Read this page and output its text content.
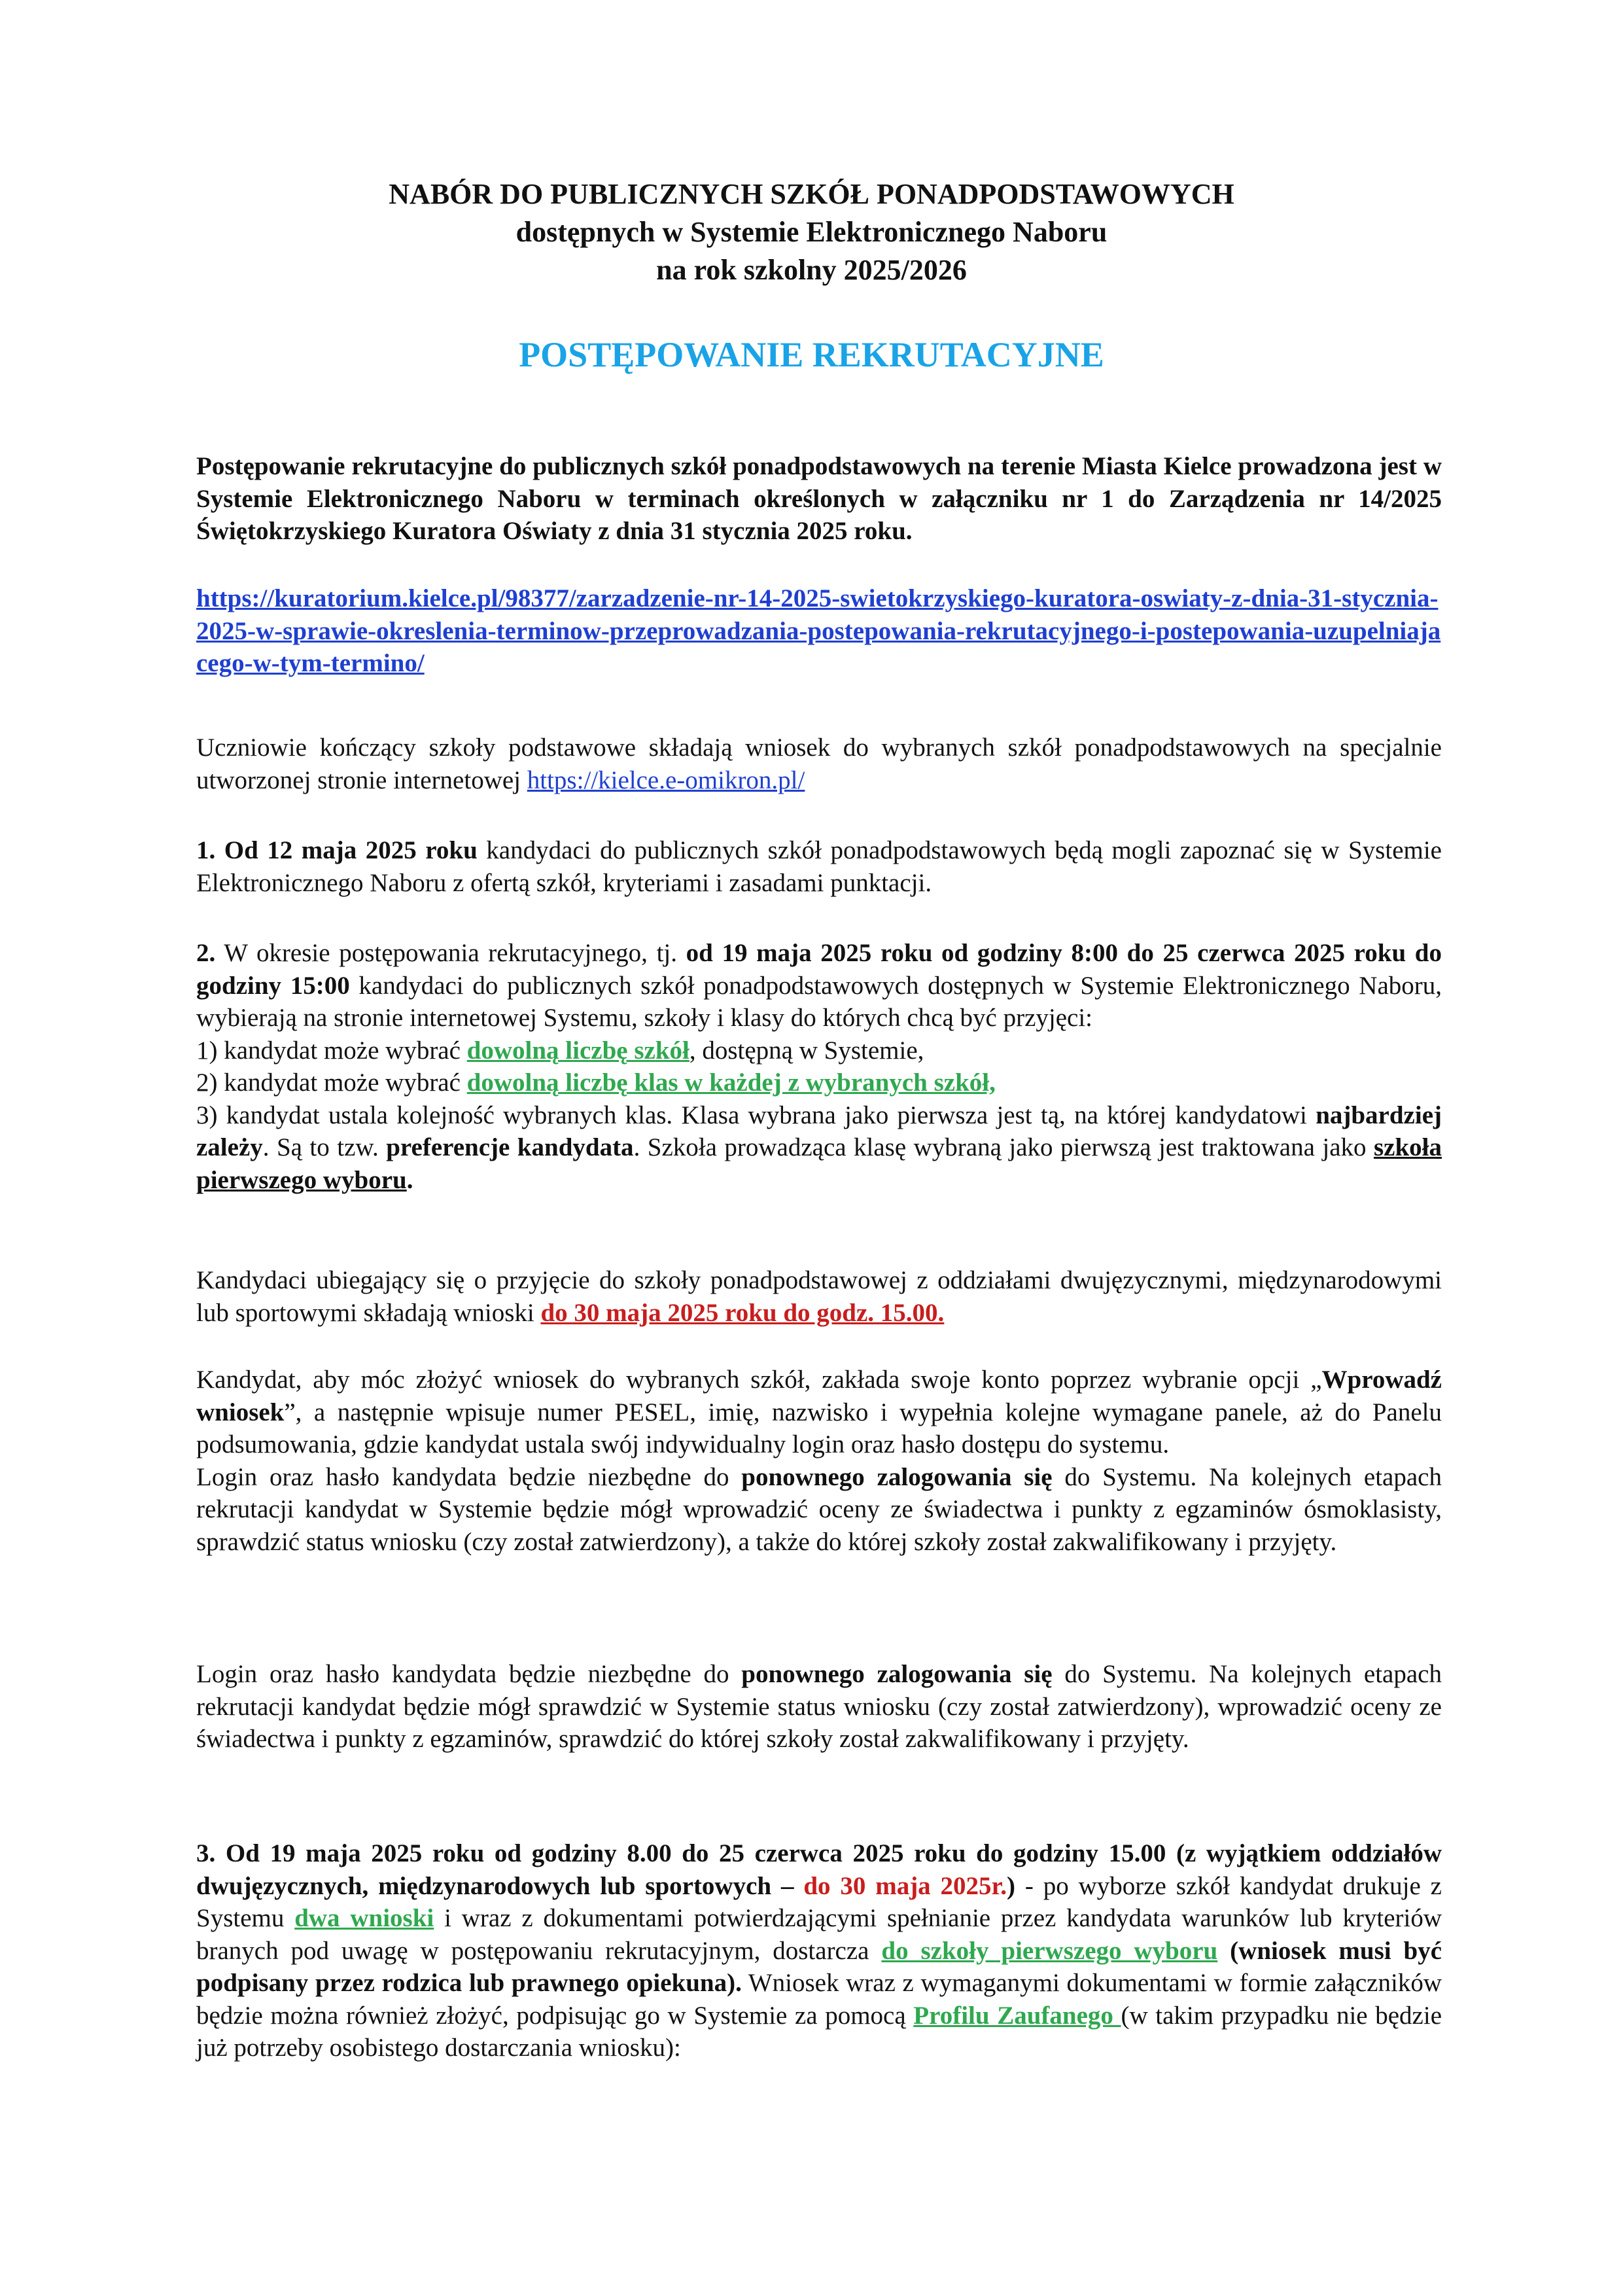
NABÓR DO PUBLICZNYCH SZKÓŁ PONADPODSTAWOWYCH
dostępnych w Systemie Elektronicznego Naboru
na rok szkolny 2025/2026
POSTĘPOWANIE REKRUTACYJNE

Postępowanie rekrutacyjne do publicznych szkół ponadpodstawowych na terenie Miasta Kielce prowadzona jest w Systemie Elektronicznego Naboru w terminach określonych w załączniku nr 1 do Zarządzenia nr 14/2025 Świętokrzyskiego Kuratora Oświaty z dnia 31 stycznia 2025 roku.

https://kuratorium.kielce.pl/98377/zarzadzenie-nr-14-2025-swietokrzyskiego-kuratora-oswiaty-z-dnia-31-stycznia-2025-w-sprawie-okreslenia-terminow-przeprowadzania-postepowania-rekrutacyjnego-i-postepowania-uzupelniajacego-w-tym-termino/

Uczniowie kończący szkoły podstawowe składają wniosek do wybranych szkół ponadpodstawowych na specjalnie utworzonej stronie internetowej https://kielce.e-omikron.pl/

1. Od 12 maja 2025 roku kandydaci do publicznych szkół ponadpodstawowych będą mogli zapoznać się w Systemie Elektronicznego Naboru z ofertą szkół, kryteriami i zasadami punktacji.

2. W okresie postępowania rekrutacyjnego, tj. od 19 maja 2025 roku od godziny 8:00 do 25 czerwca 2025 roku do godziny 15:00 kandydaci do publicznych szkół ponadpodstawowych dostępnych w Systemie Elektronicznego Naboru, wybierają na stronie internetowej Systemu, szkoły i klasy do których chcą być przyjęci:

1) kandydat może wybrać dowolną liczbę szkół, dostępną w Systemie,

2) kandydat może wybrać dowolną liczbę klas w każdej z wybranych szkół,

3) kandydat ustala kolejność wybranych klas. Klasa wybrana jako pierwsza jest tą, na której kandydatowi najbardziej zależy. Są to tzw. preferencje kandydata. Szkoła prowadząca klasę wybraną jako pierwszą jest traktowana jako szkoła pierwszego wyboru.

Kandydaci ubiegający się o przyjęcie do szkoły ponadpodstawowej z oddziałami dwujęzycznymi, międzynarodowymi lub sportowymi składają wnioski do 30 maja 2025 roku do godz. 15.00.

Kandydat, aby móc złożyć wniosek do wybranych szkół, zakłada swoje konto poprzez wybranie opcji „Wprowadź wniosek”, a następnie wpisuje numer PESEL, imię, nazwisko i wypełnia kolejne wymagane panele, aż do Panelu podsumowania, gdzie kandydat ustala swój indywidualny login oraz hasło dostępu do systemu.

Login oraz hasło kandydata będzie niezbędne do ponownego zalogowania się do Systemu. Na kolejnych etapach rekrutacji kandydat w Systemie będzie mógł wprowadzić oceny ze świadectwa i punkty z egzaminów ósmoklasisty, sprawdzić status wniosku (czy został zatwierdzony), a także do której szkoły został zakwalifikowany i przyjęty.

Login oraz hasło kandydata będzie niezbędne do ponownego zalogowania się do Systemu. Na kolejnych etapach rekrutacji kandydat będzie mógł sprawdzić w Systemie status wniosku (czy został zatwierdzony), wprowadzić oceny ze świadectwa i punkty z egzaminów, sprawdzić do której szkoły został zakwalifikowany i przyjęty.

3. Od 19 maja 2025 roku od godziny 8.00 do 25 czerwca 2025 roku do godziny 15.00 (z wyjątkiem oddziałów dwujęzycznych, międzynarodowych lub sportowych – do 30 maja 2025r.) - po wyborze szkół kandydat drukuje z Systemu dwa wnioski i wraz z dokumentami potwierdzającymi spełnianie przez kandydata warunków lub kryteriów branych pod uwagę w postępowaniu rekrutacyjnym, dostarcza do szkoły pierwszego wyboru (wniosek musi być podpisany przez rodzica lub prawnego opiekuna). Wniosek wraz z wymaganymi dokumentami w formie załączników będzie można również złożyć, podpisując go w Systemie za pomocą Profilu Zaufanego (w takim przypadku nie będzie już potrzeby osobistego dostarczania wniosku):
